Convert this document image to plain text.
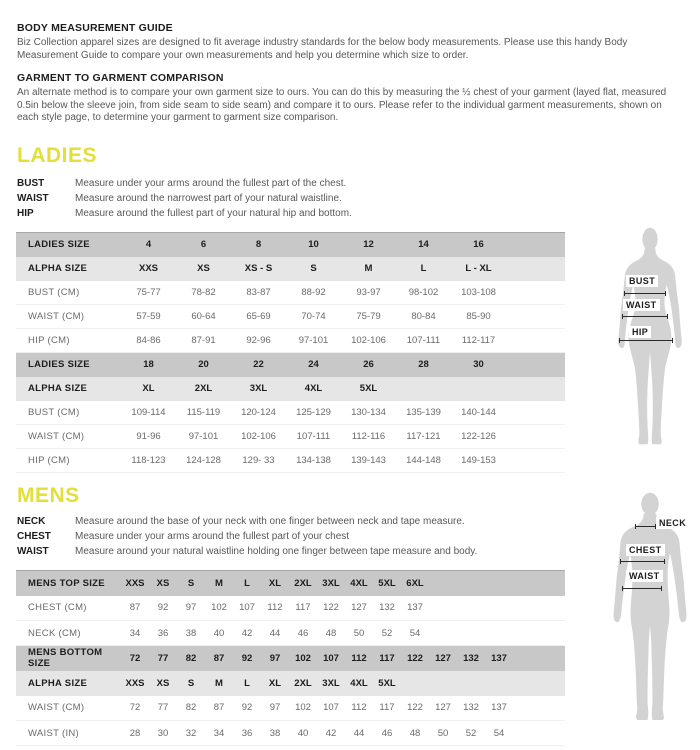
BODY MEASUREMENT GUIDE
Biz Collection apparel sizes are designed to fit average industry standards for the below body measurements. Please use this handy Body Measurement Guide to compare your own measurements and help you determine which size to order.
GARMENT TO GARMENT COMPARISON
An alternate method is to compare your own garment size to ours. You can do this by measuring the ½ chest of your garment (layed flat, measured 0.5in below the sleeve join, from side seam to side seam) and compare it to ours. Please refer to the individual garment measurements, shown on each style page, to determine your garment to garment size comparison.
LADIES
BUST	Measure under your arms around the fullest part of the chest.
WAIST	Measure around the narrowest part of your natural waistline.
HIP	Measure around the fullest part of your natural hip and bottom.
LADIES SIZE	4	6	8	10	12	14	16	
ALPHA SIZE	XXS	XS	XS - S	S	M	L	L - XL	
BUST (CM)	75-77	78-82	83-87	88-92	93-97	98-102	103-108	
WAIST (CM)	57-59	60-64	65-69	70-74	75-79	80-84	85-90	
HIP (CM)	84-86	87-91	92-96	97-101	102-106	107-111	112-117	
LADIES SIZE	18	20	22	24	26	28	30	
ALPHA SIZE	XL	2XL	3XL	4XL	5XL			
BUST (CM)	109-114	115-119	120-124	125-129	130-134	135-139	140-144	
WAIST (CM)	91-96	97-101	102-106	107-111	112-116	117-121	122-126	
HIP (CM)	118-123	124-128	129- 33	134-138	139-143	144-148	149-153	
BUST
WAIST
HIP
MENS
NECK	Measure around the base of your neck with one finger between neck and tape measure.
CHEST	Measure under your arms around the fullest part of your chest
WAIST	Measure around your natural waistline holding one finger between tape measure and body.
MENS TOP SIZE	XXS	XS	S	M	L	XL	2XL	3XL	4XL	5XL	6XL				
CHEST (CM)	87	92	97	102	107	112	117	122	127	132	137				
NECK (CM)	34	36	38	40	42	44	46	48	50	52	54				
MENS BOTTOM SIZE	72	77	82	87	92	97	102	107	112	117	122	127	132	137	
ALPHA SIZE	XXS	XS	S	M	L	XL	2XL	3XL	4XL	5XL					
WAIST (CM)	72	77	82	87	92	97	102	107	112	117	122	127	132	137	
WAIST (IN)	28	30	32	34	36	38	40	42	44	46	48	50	52	54	
NECK
CHEST
WAIST
